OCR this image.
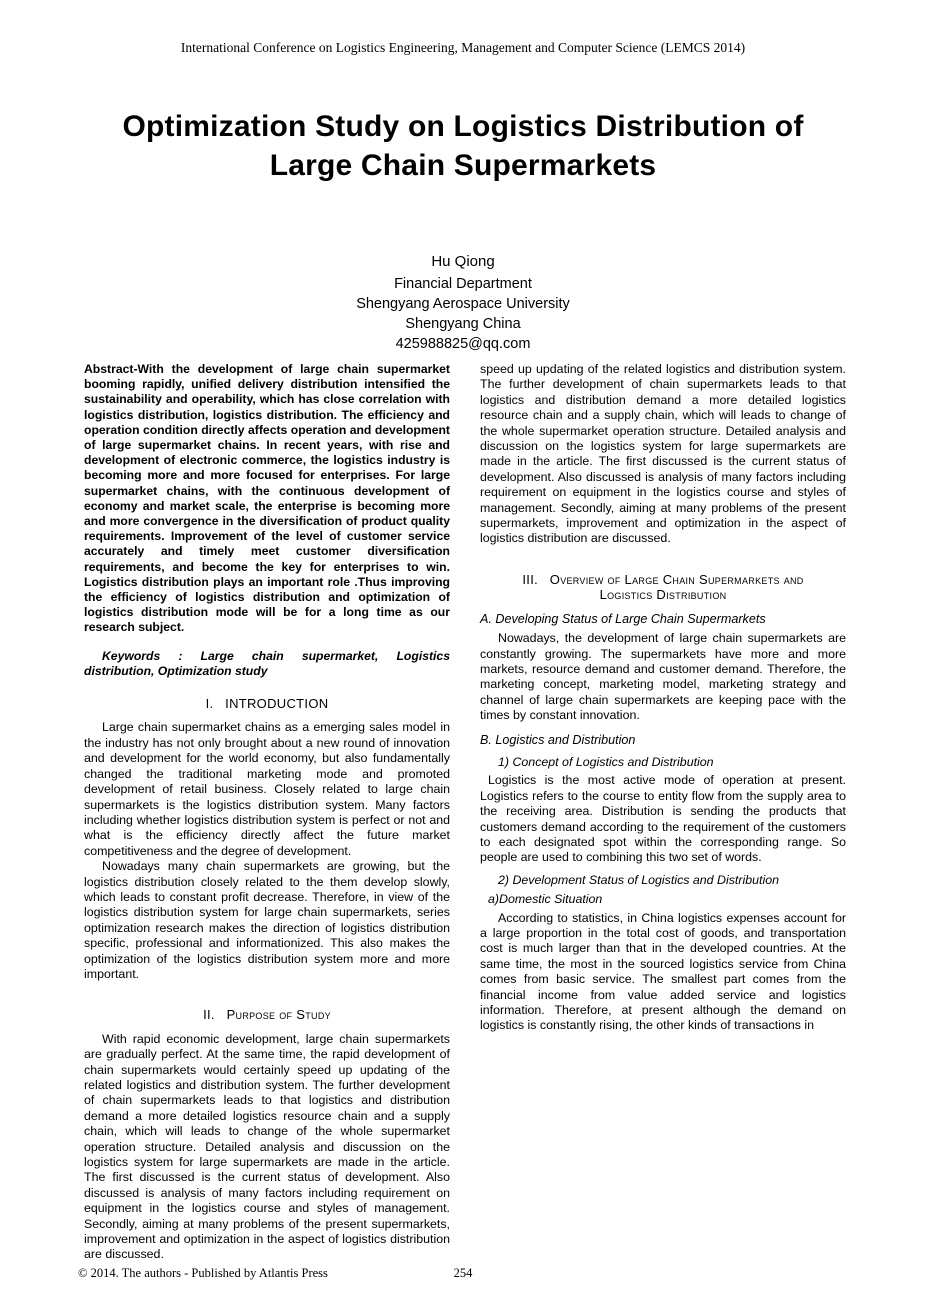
International Conference on Logistics Engineering, Management and Computer Science (LEMCS 2014)
Optimization Study on Logistics Distribution of Large Chain Supermarkets
Hu Qiong
Financial Department
Shengyang Aerospace University
Shengyang China
425988825@qq.com

Abstract-With the development of large chain supermarket booming rapidly, unified delivery distribution intensified the sustainability and operability, which has close correlation with logistics distribution, logistics distribution. The efficiency and operation condition directly affects operation and development of large supermarket chains. In recent years, with rise and development of electronic commerce, the logistics industry is becoming more and more focused for enterprises. For large supermarket chains, with the continuous development of economy and market scale, the enterprise is becoming more and more convergence in the diversification of product quality requirements. Improvement of the level of customer service accurately and timely meet customer diversification requirements, and become the key for enterprises to win. Logistics distribution plays an important role .Thus improving the efficiency of logistics distribution and optimization of logistics distribution mode will be for a long time as our research subject.

Keywords : Large chain supermarket, Logistics distribution, Optimization study

I. INTRODUCTION

Large chain supermarket chains as a emerging sales model in the industry has not only brought about a new round of innovation and development for the world economy, but also fundamentally changed the traditional marketing mode and promoted development of retail business. Closely related to large chain supermarkets is the logistics distribution system. Many factors including whether logistics distribution system is perfect or not and what is the efficiency directly affect the future market competitiveness and the degree of development.

Nowadays many chain supermarkets are growing, but the logistics distribution closely related to the them develop slowly, which leads to constant profit decrease. Therefore, in view of the logistics distribution system for large chain supermarkets, series optimization research makes the direction of logistics distribution specific, professional and informationized. This also makes the optimization of the logistics distribution system more and more important.

II. Purpose of Study

With rapid economic development, large chain supermarkets are gradually perfect. At the same time, the rapid development of chain supermarkets would certainly speed up updating of the related logistics and distribution system. The further development of chain supermarkets leads to that logistics and distribution demand a more detailed logistics resource chain and a supply chain, which will leads to change of the whole supermarket operation structure. Detailed analysis and discussion on the logistics system for large supermarkets are made in the article. The first discussed is the current status of development. Also discussed is analysis of many factors including requirement on equipment in the logistics course and styles of management. Secondly, aiming at many problems of the present supermarkets, improvement and optimization in the aspect of logistics distribution are discussed.

speed up updating of the related logistics and distribution system. The further development of chain supermarkets leads to that logistics and distribution demand a more detailed logistics resource chain and a supply chain, which will leads to change of the whole supermarket operation structure. Detailed analysis and discussion on the logistics system for large supermarkets are made in the article. The first discussed is the current status of development. Also discussed is analysis of many factors including requirement on equipment in the logistics course and styles of management. Secondly, aiming at many problems of the present supermarkets, improvement and optimization in the aspect of logistics distribution are discussed.

III. Overview of Large Chain Supermarkets and
Logistics Distribution

A. Developing Status of Large Chain Supermarkets

Nowadays, the development of large chain supermarkets are constantly growing. The supermarkets have more and more markets, resource demand and customer demand. Therefore, the marketing concept, marketing model, marketing strategy and channel of large chain supermarkets are keeping pace with the times by constant innovation.

B. Logistics and Distribution

1) Concept of Logistics and Distribution

Logistics is the most active mode of operation at present. Logistics refers to the course to entity flow from the supply area to the receiving area. Distribution is sending the products that customers demand according to the requirement of the customers to each designated spot within the corresponding range. So people are used to combining this two set of words.

2) Development Status of Logistics and Distribution

a)Domestic Situation

According to statistics, in China logistics expenses account for a large proportion in the total cost of goods, and transportation cost is much larger than that in the developed countries. At the same time, the most in the sourced logistics service from China comes from basic service. The smallest part comes from the financial income from value added service and logistics information. Therefore, at present although the demand on logistics is constantly rising, the other kinds of transactions in

© 2014. The authors - Published by Atlantis Press	254
